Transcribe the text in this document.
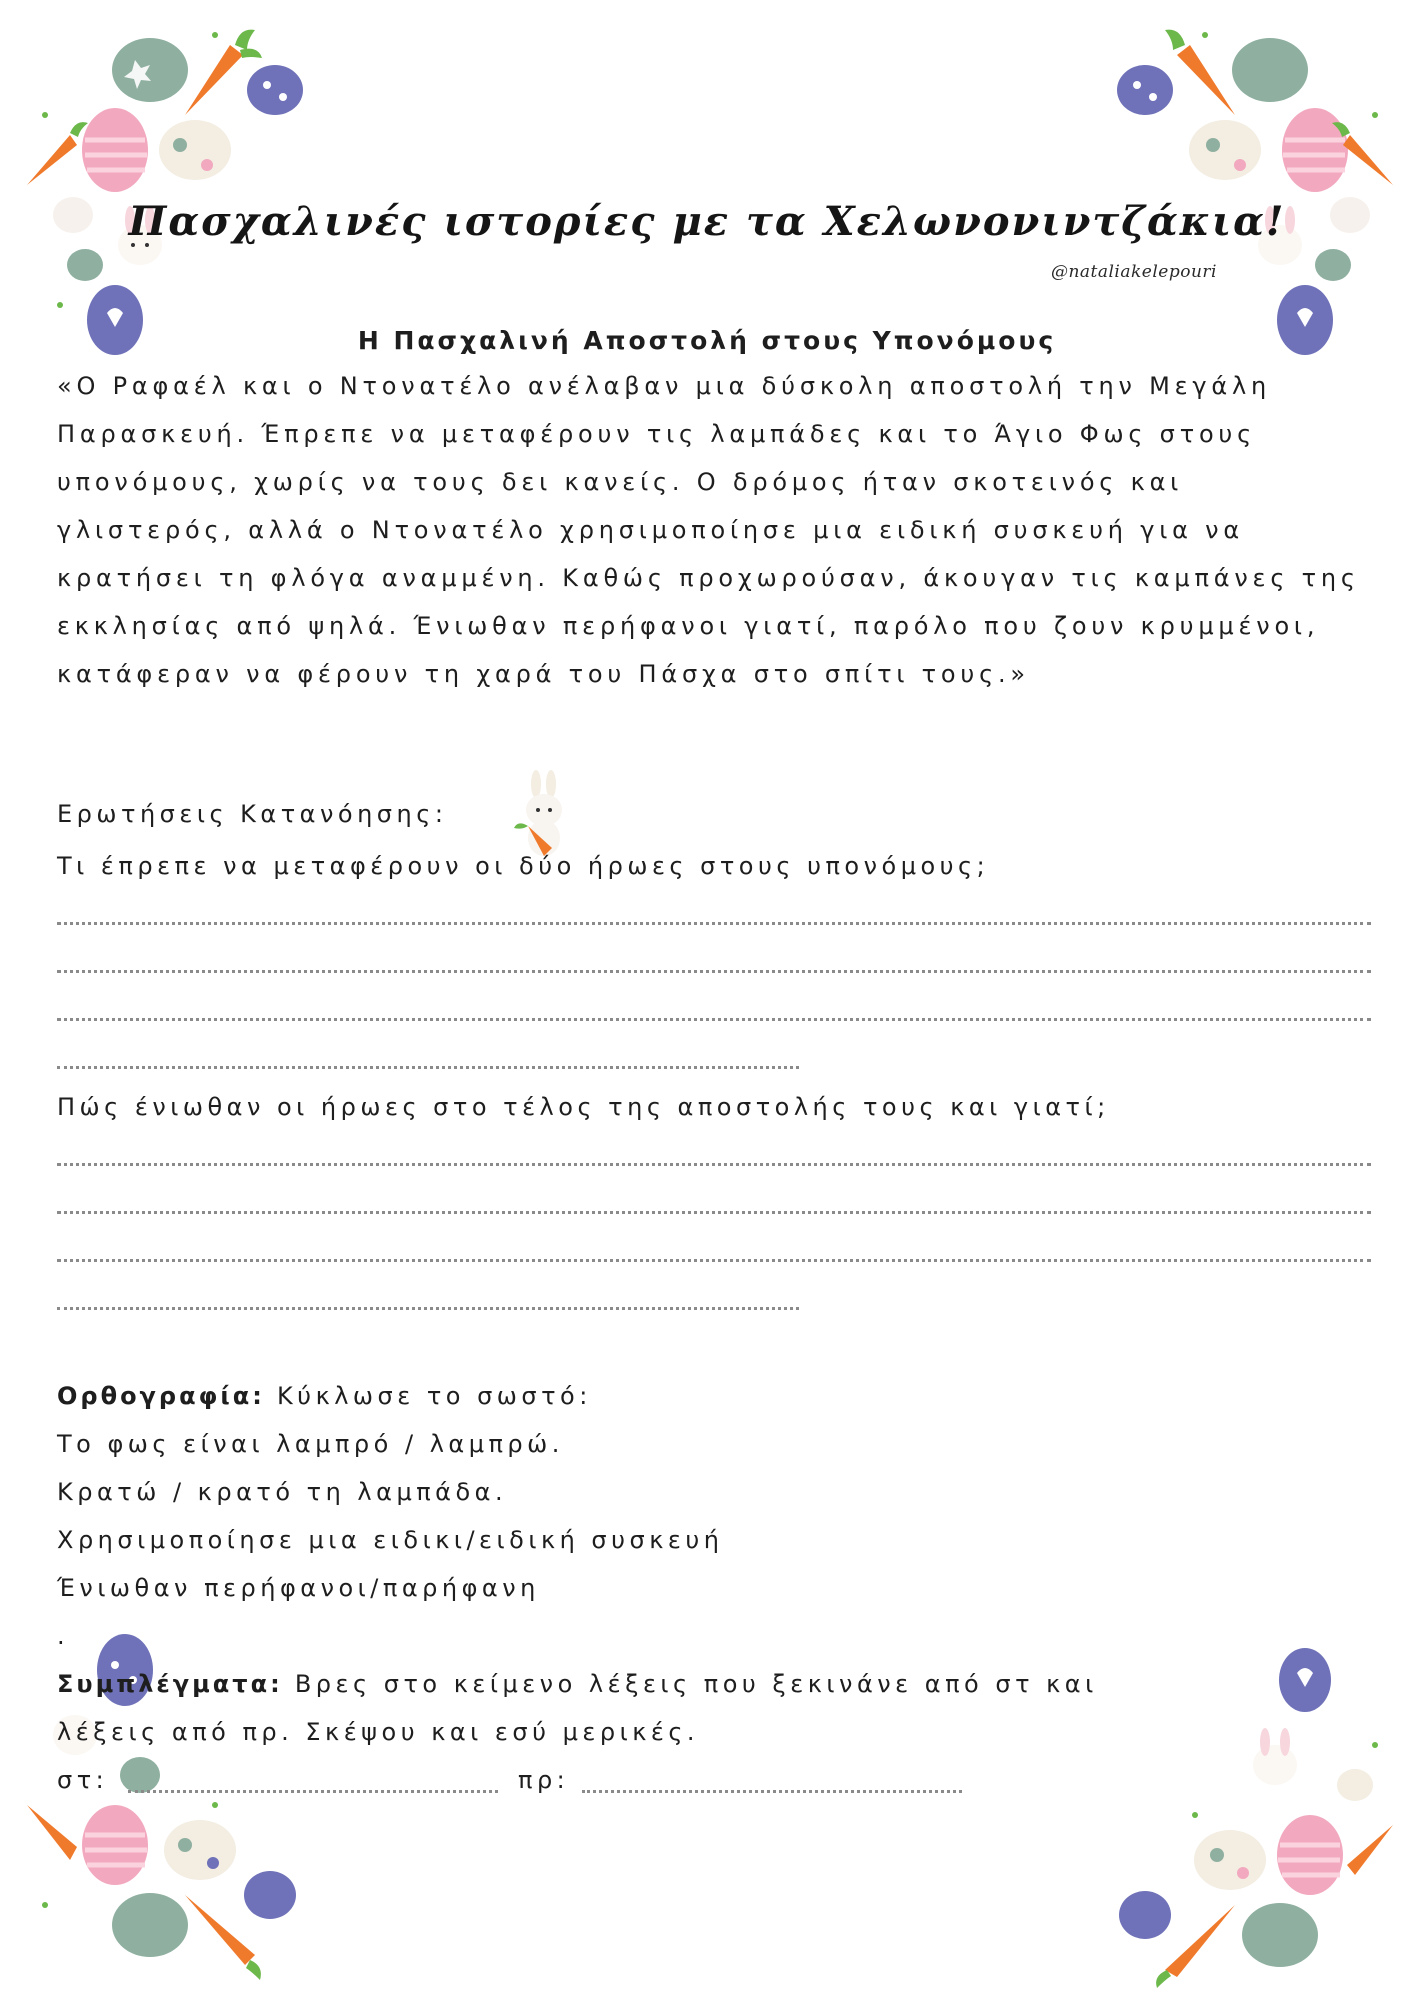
Πασχαλινές ιστορίες με τα Χελωνονιντζάκια!
@nataliakelepouri
Η Πασχαλινή Αποστολή στους Υπονόμους
«Ο Ραφαέλ και ο Ντονατέλο ανέλαβαν μια δύσκολη αποστολή την Μεγάλη Παρασκευή. Έπρεπε να μεταφέρουν τις λαμπάδες και το Άγιο Φως στους υπονόμους, χωρίς να τους δει κανείς. Ο δρόμος ήταν σκοτεινός και γλιστερός, αλλά ο Ντονατέλο χρησιμοποίησε μια ειδική συσκευή για να κρατήσει τη φλόγα αναμμένη. Καθώς προχωρούσαν, άκουγαν τις καμπάνες της εκκλησίας από ψηλά. Ένιωθαν περήφανοι γιατί, παρόλο που ζουν κρυμμένοι, κατάφεραν να φέρουν τη χαρά του Πάσχα στο σπίτι τους.»
Ερωτήσεις Κατανόησης:
Τι έπρεπε να μεταφέρουν οι δύο ήρωες στους υπονόμους;
Πώς ένιωθαν οι ήρωες στο τέλος της αποστολής τους και γιατί;
Ορθογραφία: Κύκλωσε το σωστό:
Το φως είναι λαμπρό / λαμπρώ.
Κρατώ / κρατό τη λαμπάδα.
Χρησιμοποίησε μια ειδικι/ειδική συσκευή
Ένιωθαν περήφανοι/παρήφανη
.
Συμπλέγματα: Βρες στο κείμενο λέξεις που ξεκινάνε από στ και
λέξεις από πρ. Σκέψου και εσύ μερικές.
στ:	πρ:
